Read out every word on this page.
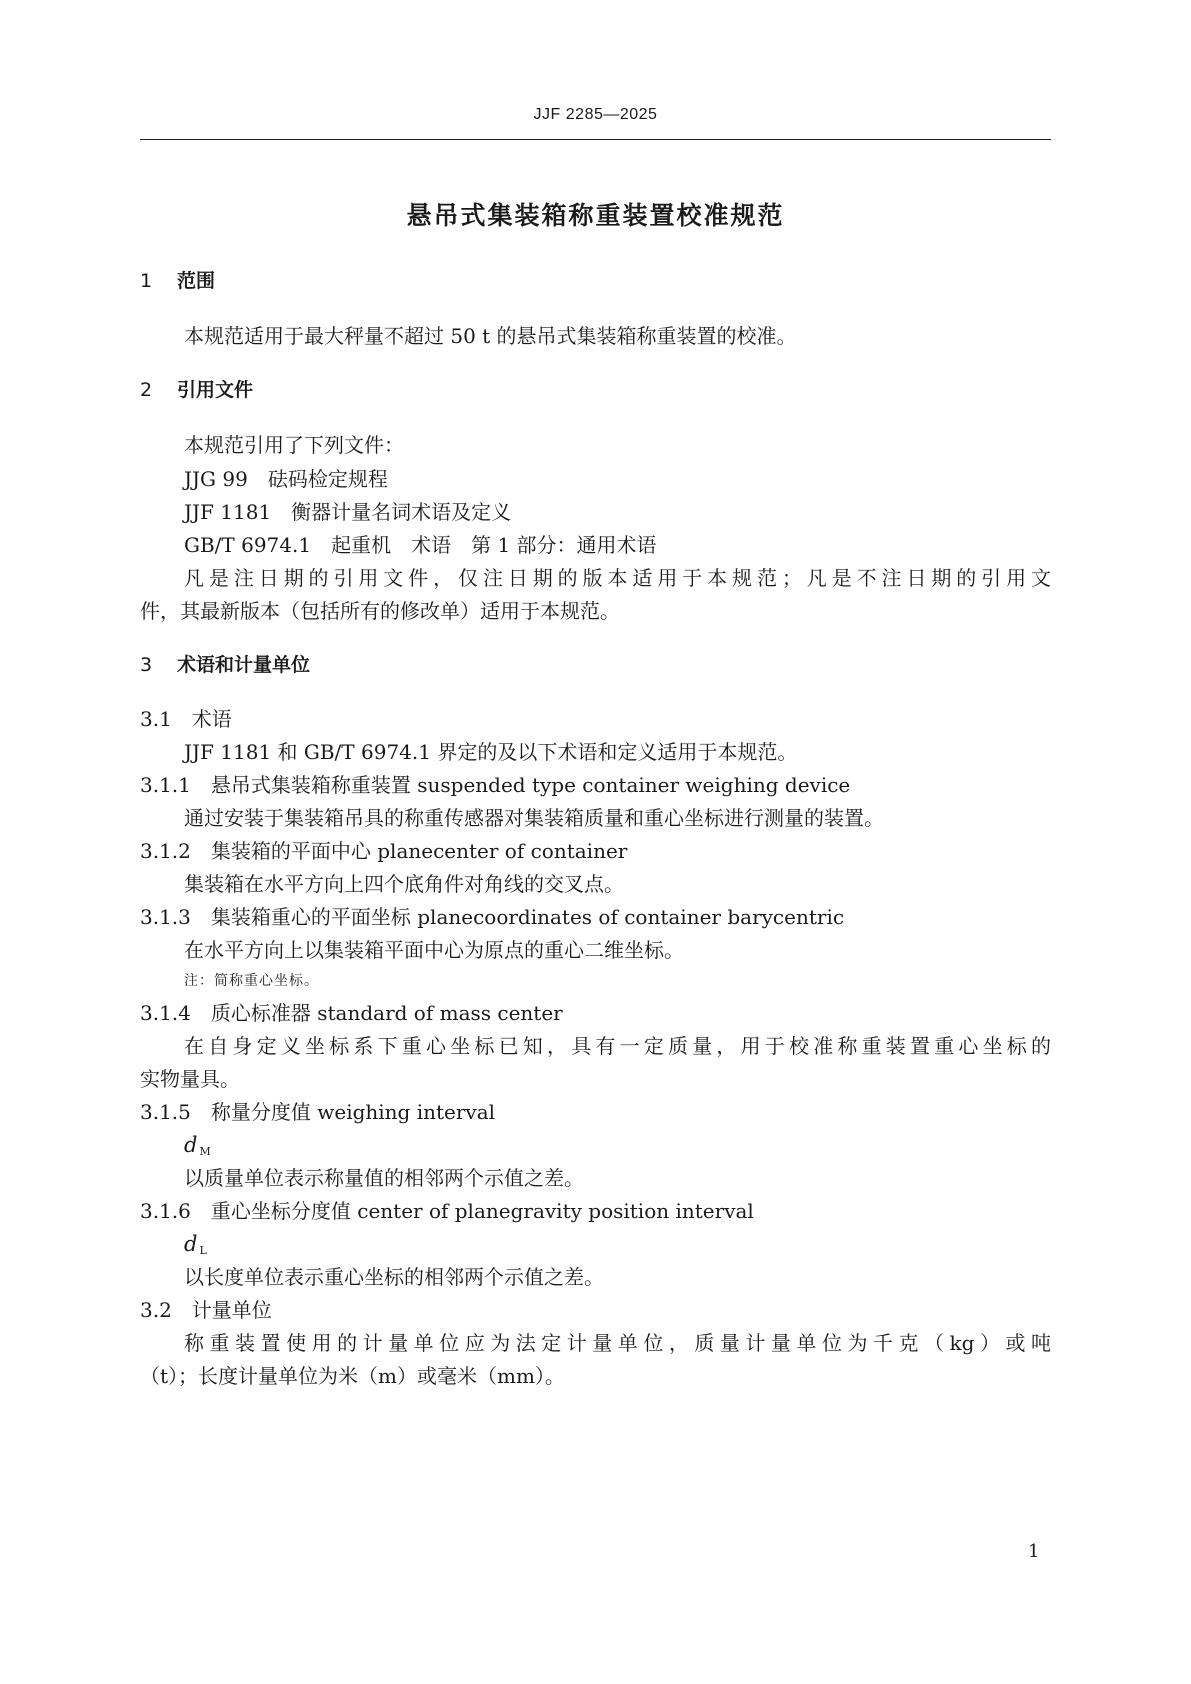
JJF 2285—2025
悬吊式集装箱称重装置校准规范
1 范围
本规范适用于最大秤量不超过 50 t 的悬吊式集装箱称重装置的校准。
2 引用文件
本规范引用了下列文件：
JJG 99　砝码检定规程
JJF 1181　衡器计量名词术语及定义
GB/T 6974.1　起重机　术语　第 1 部分：通用术语
凡是注日期的引用文件，仅注日期的版本适用于本规范；凡是不注日期的引用文
件，其最新版本（包括所有的修改单）适用于本规范。
3 术语和计量单位
3.1　术语
JJF 1181 和 GB/T 6974.1 界定的及以下术语和定义适用于本规范。
3.1.1　悬吊式集装箱称重装置 suspended type container weighing device
通过安装于集装箱吊具的称重传感器对集装箱质量和重心坐标进行测量的装置。
3.1.2　集装箱的平面中心 planecenter of container
集装箱在水平方向上四个底角件对角线的交叉点。
3.1.3　集装箱重心的平面坐标 planecoordinates of container barycentric
在水平方向上以集装箱平面中心为原点的重心二维坐标。
注：简称重心坐标。
3.1.4　质心标准器 standard of mass center
在自身定义坐标系下重心坐标已知，具有一定质量，用于校准称重装置重心坐标的
实物量具。
3.1.5　称量分度值 weighing interval
d $_M$
以质量单位表示称量值的相邻两个示值之差。
3.1.6　重心坐标分度值 center of planegravity position interval
d $_L$
以长度单位表示重心坐标的相邻两个示值之差。
3.2　计量单位
称重装置使用的计量单位应为法定计量单位，质量计量单位为千克（kg）或吨
（t）；长度计量单位为米（m）或毫米（mm）。
1
